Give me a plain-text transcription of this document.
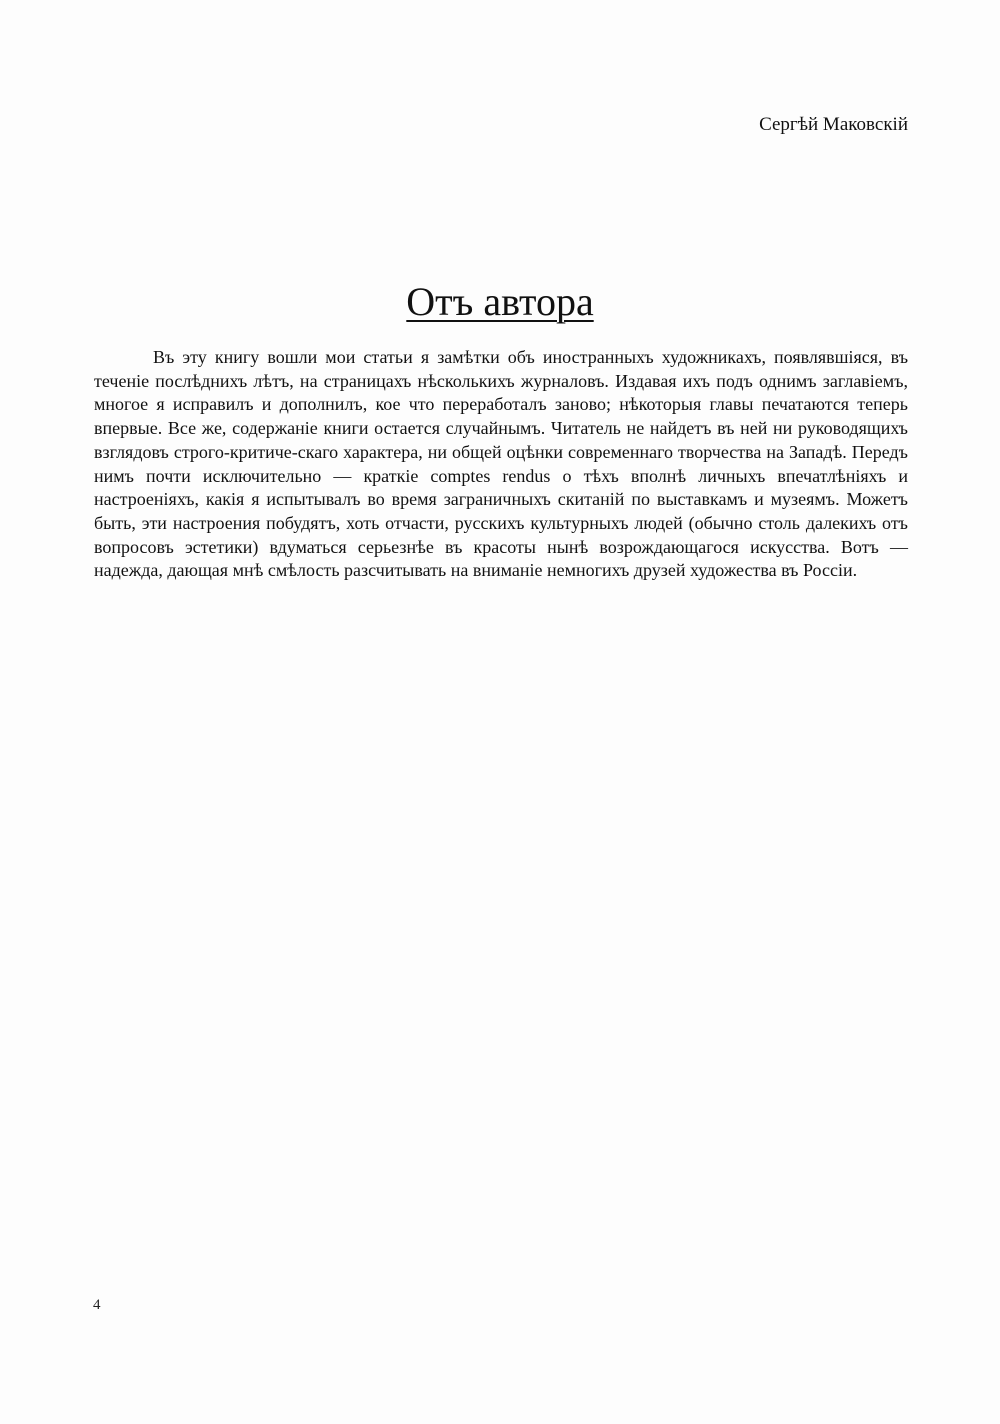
Сергѣй Маковскій
Отъ автора

Въ эту книгу вошли мои статьи я замѣтки объ иностранныхъ художникахъ, появлявшіяся, въ теченіе послѣднихъ лѣтъ, на страницахъ нѣсколькихъ журналовъ. Издавая ихъ подъ однимъ заглавіемъ, многое я исправилъ и дополнилъ, кое что переработалъ заново; нѣкоторыя главы печатаются теперь впервые. Все же, содержаніе книги остается случайнымъ. Читатель не найдетъ въ ней ни руководящихъ взглядовъ строго-критиче-скаго характера, ни общей оцѣнки современнаго творчества на Западѣ. Передъ нимъ почти исключительно — краткіе comptes rendus о тѣхъ вполнѣ личныхъ впечатлѣніяхъ и настроеніяхъ, какія я испытывалъ во время заграничныхъ скитаній по выставкамъ и музеямъ. Можетъ быть, эти настроения побудятъ, хоть отчасти, русскихъ культурныхъ людей (обычно столь далекихъ отъ вопросовъ эстетики) вдуматься серьезнѣе въ красоты нынѣ возрождающагося искусства. Вотъ — надежда, дающая мнѣ смѣлость разсчитывать на вниманіе немногихъ друзей художества въ Россіи.

4
